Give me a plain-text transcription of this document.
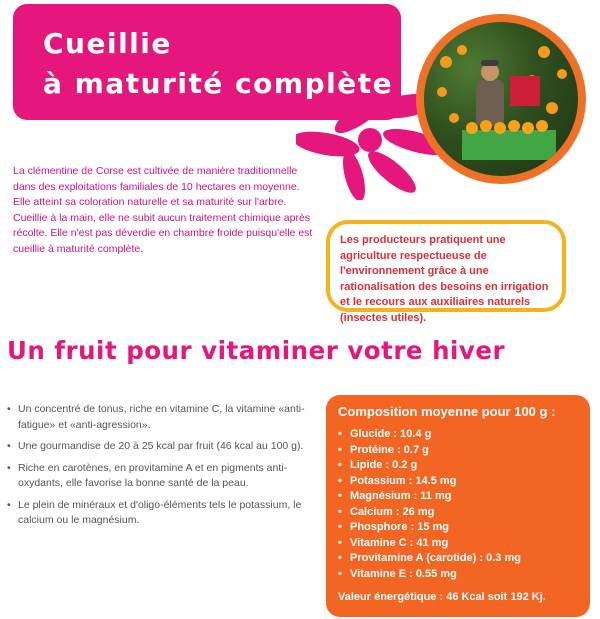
Cueillie
à maturité complète

La clémentine de Corse est cultivée de manière traditionnelle dans des exploitations familiales de 10 hectares en moyenne. Elle atteint sa coloration naturelle et sa maturité sur l'arbre. Cueillie à la main, elle ne subit aucun traitement chimique après récolte. Elle n'est pas déverdie en chambre froide puisqu'elle est cueillie à maturité complète.

Les producteurs pratiquent une agriculture respectueuse de l'environnement grâce à une rationalisation des besoins en irrigation et le recours aux auxiliaires naturels (insectes utiles).
Un fruit pour vitaminer votre hiver
• Un concentré de tonus, riche en vitamine C, la vitamine «anti-fatigue» et «anti-agression».
• Une gourmandise de 20 à 25 kcal par fruit (46 kcal au 100 g).
• Riche en carotènes, en provitamine A et en pigments anti-oxydants, elle favorise la bonne santé de la peau.
• Le plein de minéraux et d'oligo-éléments tels le potassium, le calcium ou le magnésium.

Composition moyenne pour 100 g :

• Glucide : 10.4 g
• Protéine : 0.7 g
• Lipide : 0.2 g
• Potassium : 14.5 mg
• Magnésium : 11 mg
• Calcium : 26 mg
• Phosphore : 15 mg
• Vitamine C : 41 mg
• Provitamine A (carotide) : 0.3 mg
• Vitamine E : 0.55 mg

Valeur énergétique : 46 Kcal soit 192 Kj.
